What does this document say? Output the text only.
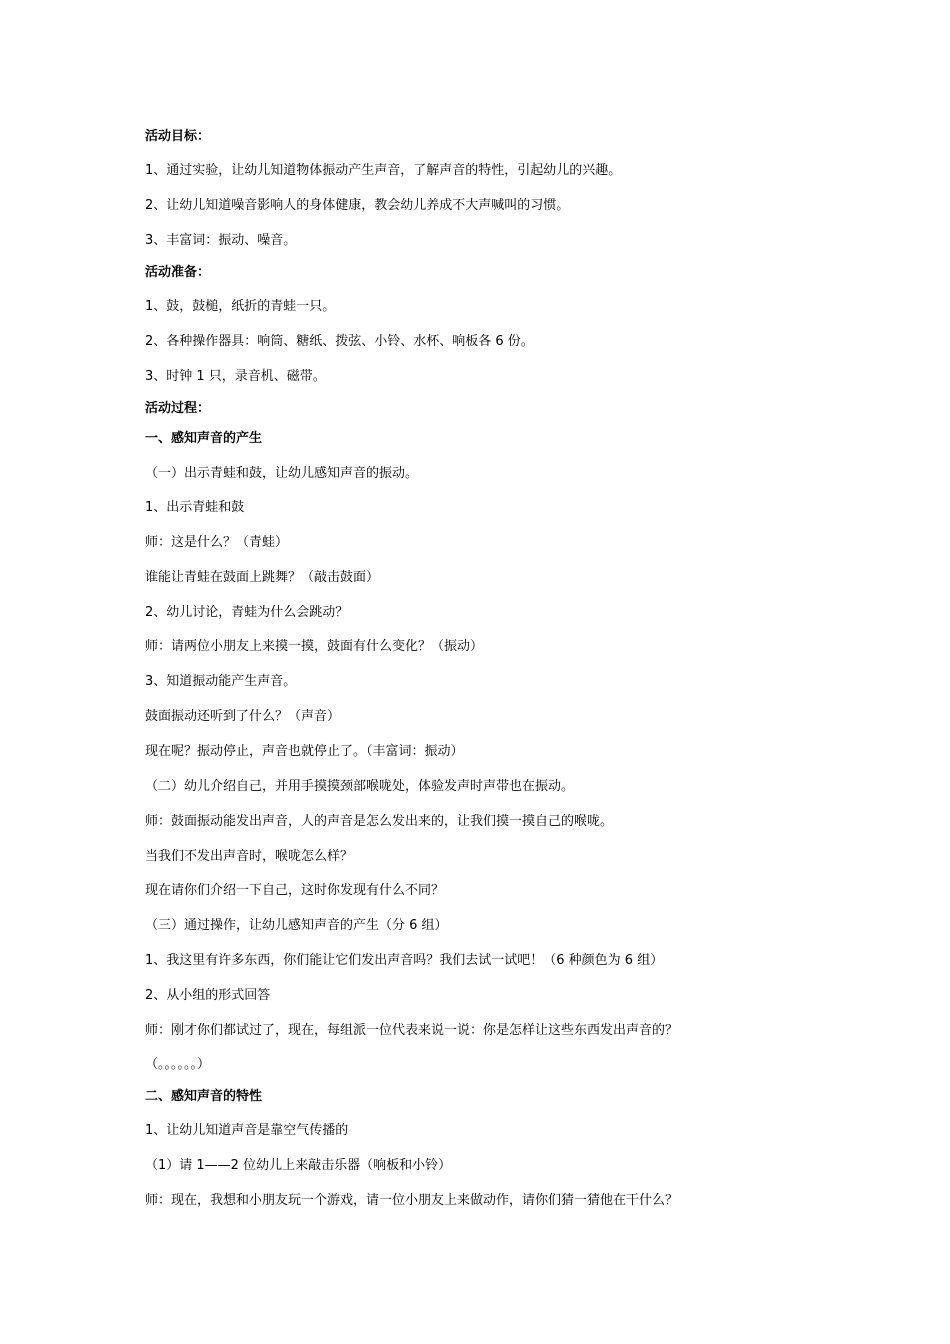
活动目标：
1、通过实验，让幼儿知道物体振动产生声音，了解声音的特性，引起幼儿的兴趣。
2、让幼儿知道噪音影响人的身体健康，教会幼儿养成不大声喊叫的习惯。
3、丰富词：振动、噪音。
活动准备：
1、鼓，鼓槌，纸折的青蛙一只。
2、各种操作器具：响筒、糖纸、拨弦、小铃、水杯、响板各 6 份。
3、时钟 1 只，录音机、磁带。
活动过程：
一、感知声音的产生
（一）出示青蛙和鼓，让幼儿感知声音的振动。
1、出示青蛙和鼓
师：这是什么？（青蛙）
谁能让青蛙在鼓面上跳舞？（敲击鼓面）
2、幼儿讨论，青蛙为什么会跳动？
师：请两位小朋友上来摸一摸，鼓面有什么变化？（振动）
3、知道振动能产生声音。
鼓面振动还听到了什么？（声音）
现在呢？振动停止，声音也就停止了。（丰富词：振动）
（二）幼儿介绍自己，并用手摸摸颈部喉咙处，体验发声时声带也在振动。
师：鼓面振动能发出声音，人的声音是怎么发出来的，让我们摸一摸自己的喉咙。
当我们不发出声音时，喉咙怎么样？
现在请你们介绍一下自己，这时你发现有什么不同？
（三）通过操作，让幼儿感知声音的产生（分 6 组）
1、我这里有许多东西，你们能让它们发出声音吗？我们去试一试吧！（6 种颜色为 6 组）
2、从小组的形式回答
师：刚才你们都试过了，现在，每组派一位代表来说一说：你是怎样让这些东西发出声音的？
（。。。。。。）
二、感知声音的特性
1、让幼儿知道声音是靠空气传播的
（1）请 1——2 位幼儿上来敲击乐器（响板和小铃）
师：现在，我想和小朋友玩一个游戏，请一位小朋友上来做动作，请你们猜一猜他在干什么？
